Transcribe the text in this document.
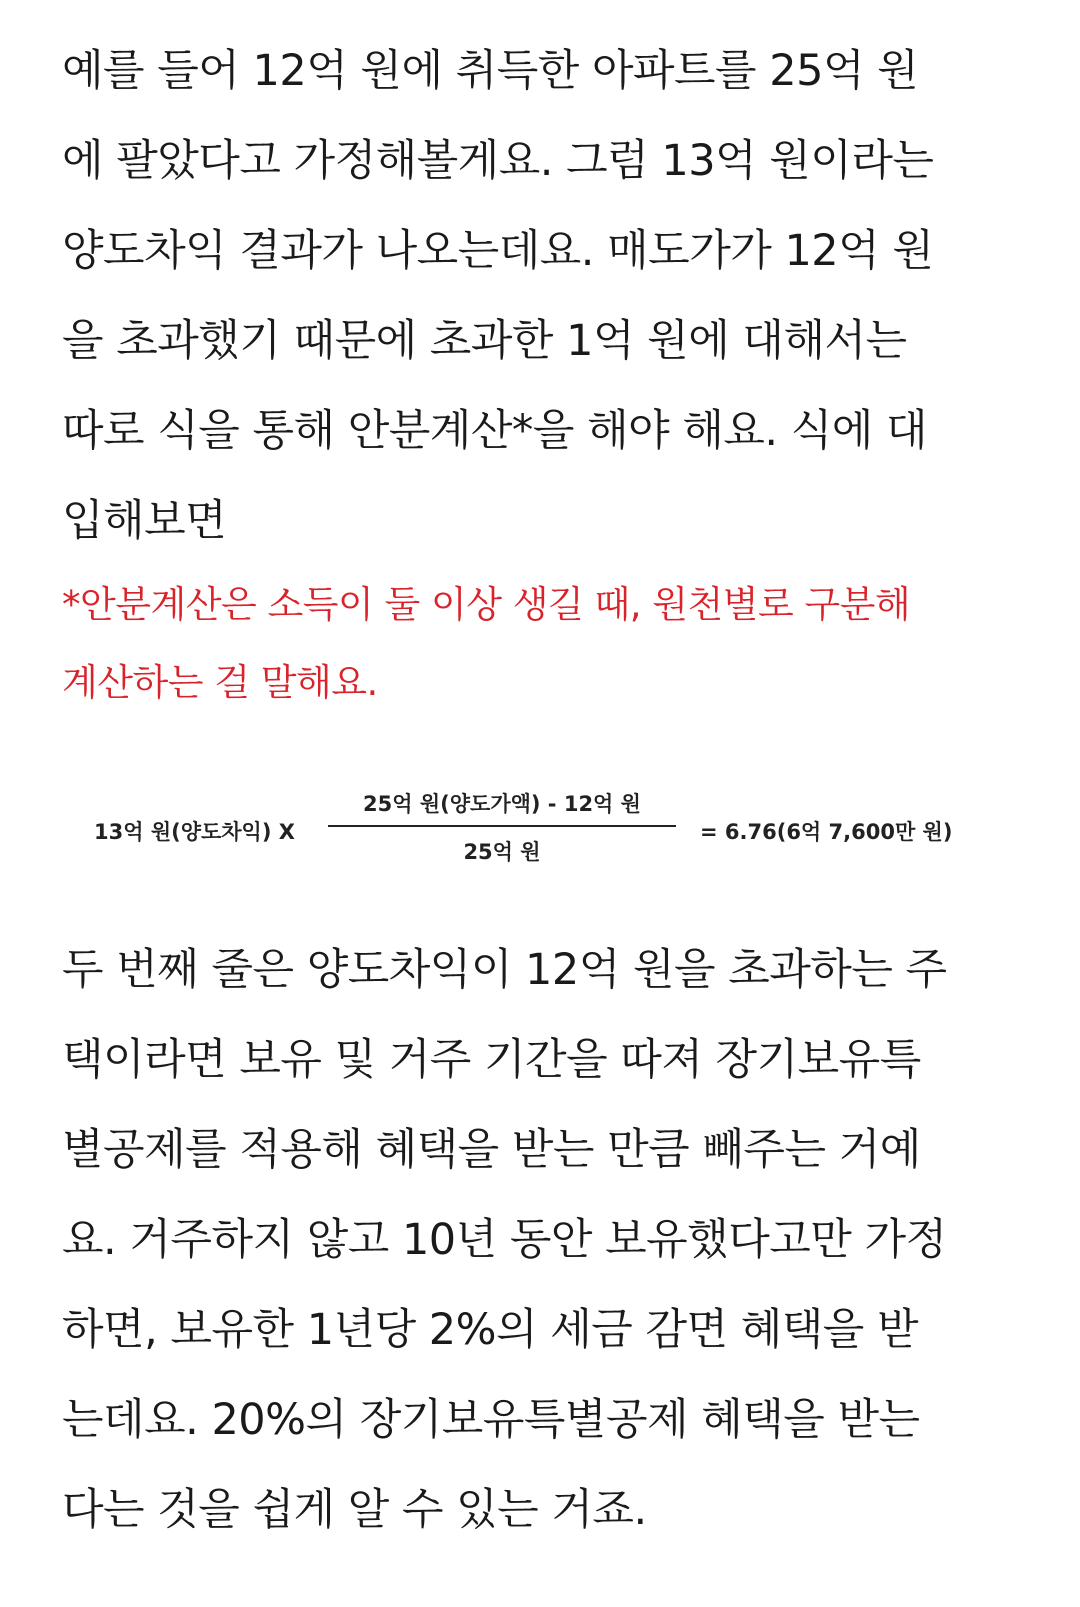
예를 들어 12억 원에 취득한 아파트를 25억 원
에 팔았다고 가정해볼게요. 그럼 13억 원이라는
양도차익 결과가 나오는데요. 매도가가 12억 원
을 초과했기 때문에 초과한 1억 원에 대해서는
따로 식을 통해 안분계산*을 해야 해요. 식에 대
입해보면

*안분계산은 소득이 둘 이상 생길 때, 원천별로 구분해
계산하는 걸 말해요.
13억 원(양도차익) X
25억 원(양도가액) - 12억 원
25억 원
= 6.76(6억 7,600만 원)

두 번째 줄은 양도차익이 12억 원을 초과하는 주
택이라면 보유 및 거주 기간을 따져 장기보유특
별공제를 적용해 혜택을 받는 만큼 빼주는 거예
요. 거주하지 않고 10년 동안 보유했다고만 가정
하면, 보유한 1년당 2%의 세금 감면 혜택을 받
는데요. 20%의 장기보유특별공제 혜택을 받는
다는 것을 쉽게 알 수 있는 거죠.
